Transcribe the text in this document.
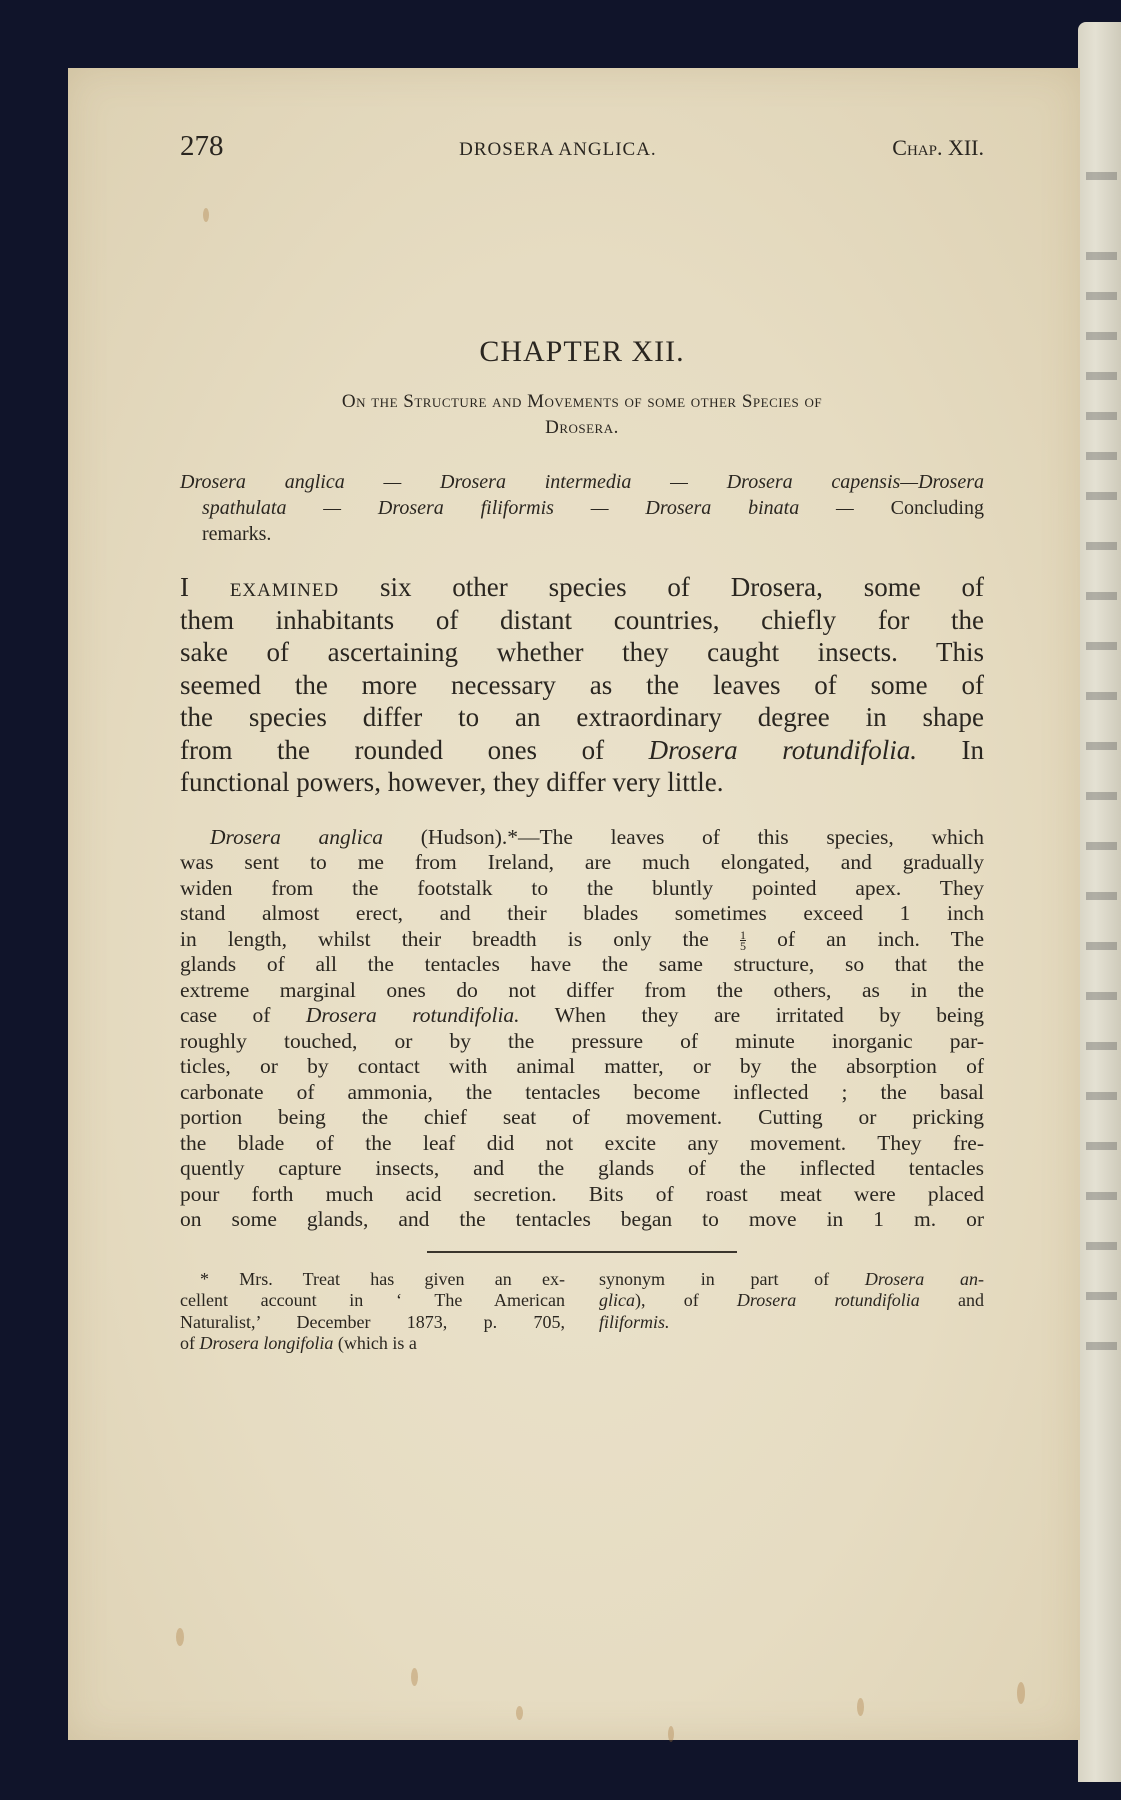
278	DROSERA ANGLICA.	Chap. XII.
CHAPTER XII.
On the Structure and Movements of some other Species of
Drosera.
Drosera anglica — Drosera intermedia — Drosera capensis—Drosera
spathulata — Drosera filiformis — Drosera binata — Concluding
remarks.
I examined six other species of Drosera, some of
them inhabitants of distant countries, chiefly for the
sake of ascertaining whether they caught insects. This
seemed the more necessary as the leaves of some of
the species differ to an extraordinary degree in shape
from the rounded ones of Drosera rotundifolia. In
functional powers, however, they differ very little.
Drosera anglica (Hudson).*—The leaves of this species, which
was sent to me from Ireland, are much elongated, and gradually
widen from the footstalk to the bluntly pointed apex. They
stand almost erect, and their blades sometimes exceed 1 inch
in length, whilst their breadth is only the	$\frac{1}{5}$ of an inch. The
glands of all the tentacles have the same structure, so that the
extreme marginal ones do not differ from the others, as in the
case of Drosera rotundifolia. When they are irritated by being
roughly touched, or by the pressure of minute inorganic par-
ticles, or by contact with animal matter, or by the absorption of
carbonate of ammonia, the tentacles become inflected ; the basal
portion being the chief seat of movement. Cutting or pricking
the blade of the leaf did not excite any movement. They fre-
quently capture insects, and the glands of the inflected tentacles
pour forth much acid secretion. Bits of roast meat were placed
on some glands, and the tentacles began to move in 1 m. or
* Mrs. Treat has given an ex-
cellent account in ‘ The American
Naturalist,’ December 1873, p. 705,
of Drosera longifolia (which is a
synonym in part of Drosera an-
glica), of Drosera rotundifolia and
filiformis.
